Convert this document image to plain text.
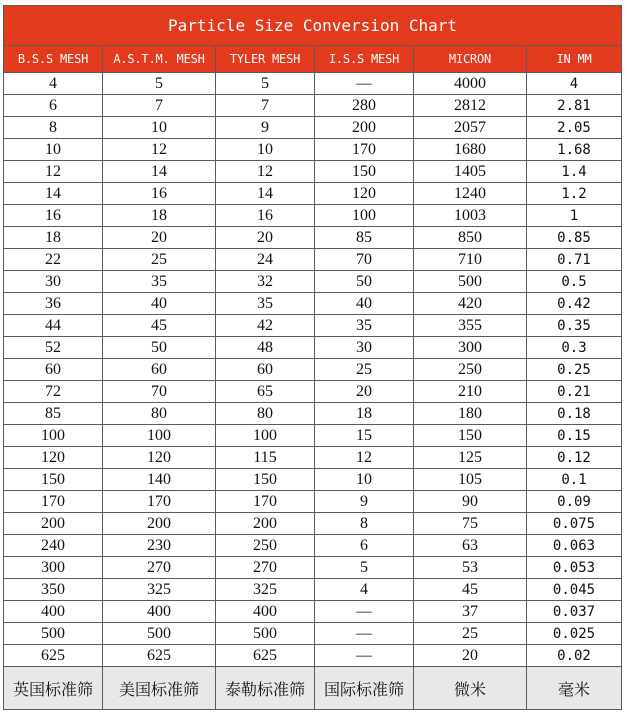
Particle Size Conversion Chart					
B.S.S MESH	A.S.T.M. MESH	TYLER MESH	I.S.S MESH	MICRON	IN MM
4	5	5	—	4000	4
6	7	7	280	2812	2.81
8	10	9	200	2057	2.05
10	12	10	170	1680	1.68
12	14	12	150	1405	1.4
14	16	14	120	1240	1.2
16	18	16	100	1003	1
18	20	20	85	850	0.85
22	25	24	70	710	0.71
30	35	32	50	500	0.5
36	40	35	40	420	0.42
44	45	42	35	355	0.35
52	50	48	30	300	0.3
60	60	60	25	250	0.25
72	70	65	20	210	0.21
85	80	80	18	180	0.18
100	100	100	15	150	0.15
120	120	115	12	125	0.12
150	140	150	10	105	0.1
170	170	170	9	90	0.09
200	200	200	8	75	0.075
240	230	250	6	63	0.063
300	270	270	5	53	0.053
350	325	325	4	45	0.045
400	400	400	—	37	0.037
500	500	500	—	25	0.025
625	625	625	—	20	0.02
英国标准筛	美国标准筛	泰勒标准筛	国际标准筛	微米	毫米
